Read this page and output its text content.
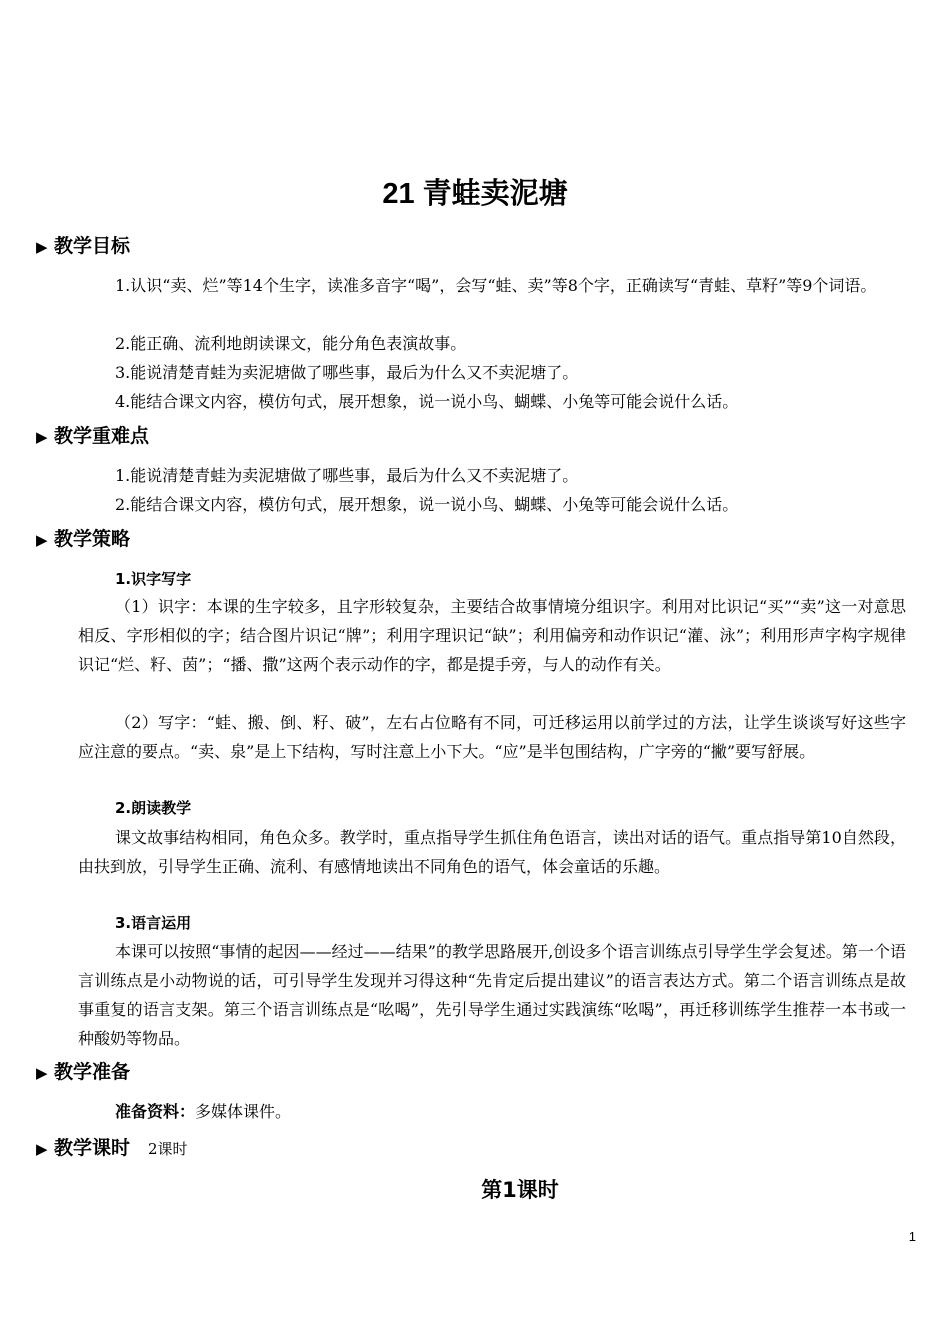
21 青蛙卖泥塘
▶ 教学目标

1.认识“卖、烂”等14个生字，读准多音字“喝”，会写“蛙、卖”等8个字，正确读写“青蛙、草籽”等9个词语。

2.能正确、流利地朗读课文，能分角色表演故事。

3.能说清楚青蛙为卖泥塘做了哪些事，最后为什么又不卖泥塘了。

4.能结合课文内容，模仿句式，展开想象，说一说小鸟、蝴蝶、小兔等可能会说什么话。

▶ 教学重难点

1.能说清楚青蛙为卖泥塘做了哪些事，最后为什么又不卖泥塘了。

2.能结合课文内容，模仿句式，展开想象，说一说小鸟、蝴蝶、小兔等可能会说什么话。

▶ 教学策略
1.识字写字

（1）识字：本课的生字较多，且字形较复杂，主要结合故事情境分组识字。利用对比识记“买”“卖”这一对意思相反、字形相似的字；结合图片识记“牌”；利用字理识记“缺”；利用偏旁和动作识记“灌、泳”；利用形声字构字规律识记“烂、籽、茵”；“播、撒”这两个表示动作的字，都是提手旁，与人的动作有关。

（2）写字：“蛙、搬、倒、籽、破”，左右占位略有不同，可迁移运用以前学过的方法，让学生谈谈写好这些字应注意的要点。“卖、泉”是上下结构，写时注意上小下大。“应”是半包围结构，广字旁的“撇”要写舒展。

2.朗读教学

课文故事结构相同，角色众多。教学时，重点指导学生抓住角色语言，读出对话的语气。重点指导第10自然段，由扶到放，引导学生正确、流利、有感情地读出不同角色的语气，体会童话的乐趣。

3.语言运用

本课可以按照“事情的起因——经过——结果”的教学思路展开,创设多个语言训练点引导学生学会复述。第一个语言训练点是小动物说的话，可引导学生发现并习得这种“先肯定后提出建议”的语言表达方式。第二个语言训练点是故事重复的语言支架。第三个语言训练点是“吆喝”，先引导学生通过实践演练“吆喝”，再迁移训练学生推荐一本书或一种酸奶等物品。

▶ 教学准备
准备资料：多媒体课件。
▶ 教学课时 2课时
第1课时
1
